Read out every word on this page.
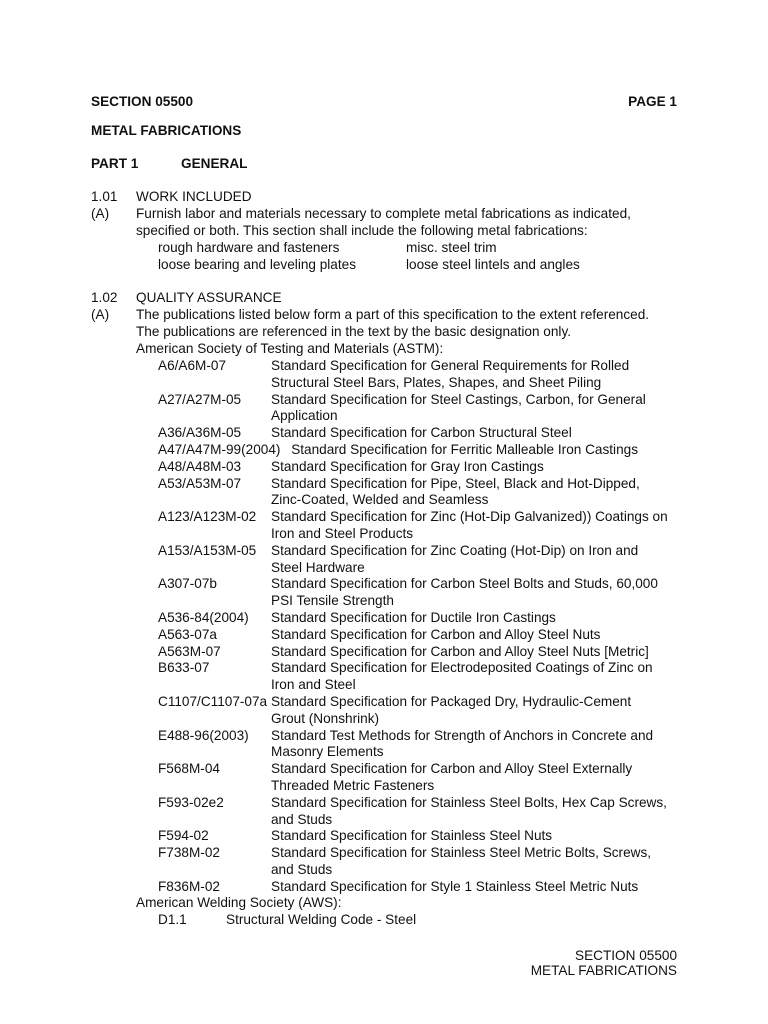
SECTION 05500	PAGE 1
METAL FABRICATIONS
PART 1	GENERAL
1.01 WORK INCLUDED
(A) Furnish labor and materials necessary to complete metal fabrications as indicated,
specified or both. This section shall include the following metal fabrications:
rough hardware and fasteners	misc. steel trim
loose bearing and leveling plates	loose steel lintels and angles
1.02 QUALITY ASSURANCE
(A) The publications listed below form a part of this specification to the extent referenced.
The publications are referenced in the text by the basic designation only.
American Society of Testing and Materials (ASTM):
A6/A6M-07	Standard Specification for General Requirements for Rolled
Structural Steel Bars, Plates, Shapes, and Sheet Piling
A27/A27M-05 Standard Specification for Steel Castings, Carbon, for General
Application
A36/A36M-05 Standard Specification for Carbon Structural Steel
A47/A47M-99(2004) Standard Specification for Ferritic Malleable Iron Castings
A48/A48M-03 Standard Specification for Gray Iron Castings
A53/A53M-07 Standard Specification for Pipe, Steel, Black and Hot-Dipped,
Zinc-Coated, Welded and Seamless
A123/A123M-02 Standard Specification for Zinc (Hot-Dip Galvanized)) Coatings on
Iron and Steel Products
A153/A153M-05 Standard Specification for Zinc Coating (Hot-Dip) on Iron and
Steel Hardware
A307-07b	Standard Specification for Carbon Steel Bolts and Studs, 60,000
PSI Tensile Strength
A536-84(2004) Standard Specification for Ductile Iron Castings
A563-07a	Standard Specification for Carbon and Alloy Steel Nuts
A563M-07	Standard Specification for Carbon and Alloy Steel Nuts [Metric]
B633-07	Standard Specification for Electrodeposited Coatings of Zinc on
Iron and Steel
C1107/C1107-07a Standard Specification for Packaged Dry, Hydraulic-Cement
Grout (Nonshrink)
E488-96(2003) Standard Test Methods for Strength of Anchors in Concrete and
Masonry Elements
F568M-04	Standard Specification for Carbon and Alloy Steel Externally
Threaded Metric Fasteners
F593-02e2	Standard Specification for Stainless Steel Bolts, Hex Cap Screws,
and Studs
F594-02	Standard Specification for Stainless Steel Nuts
F738M-02	Standard Specification for Stainless Steel Metric Bolts, Screws,
and Studs
F836M-02	Standard Specification for Style 1 Stainless Steel Metric Nuts
American Welding Society (AWS):
D1.1	Structural Welding Code - Steel
SECTION 05500
METAL FABRICATIONS
